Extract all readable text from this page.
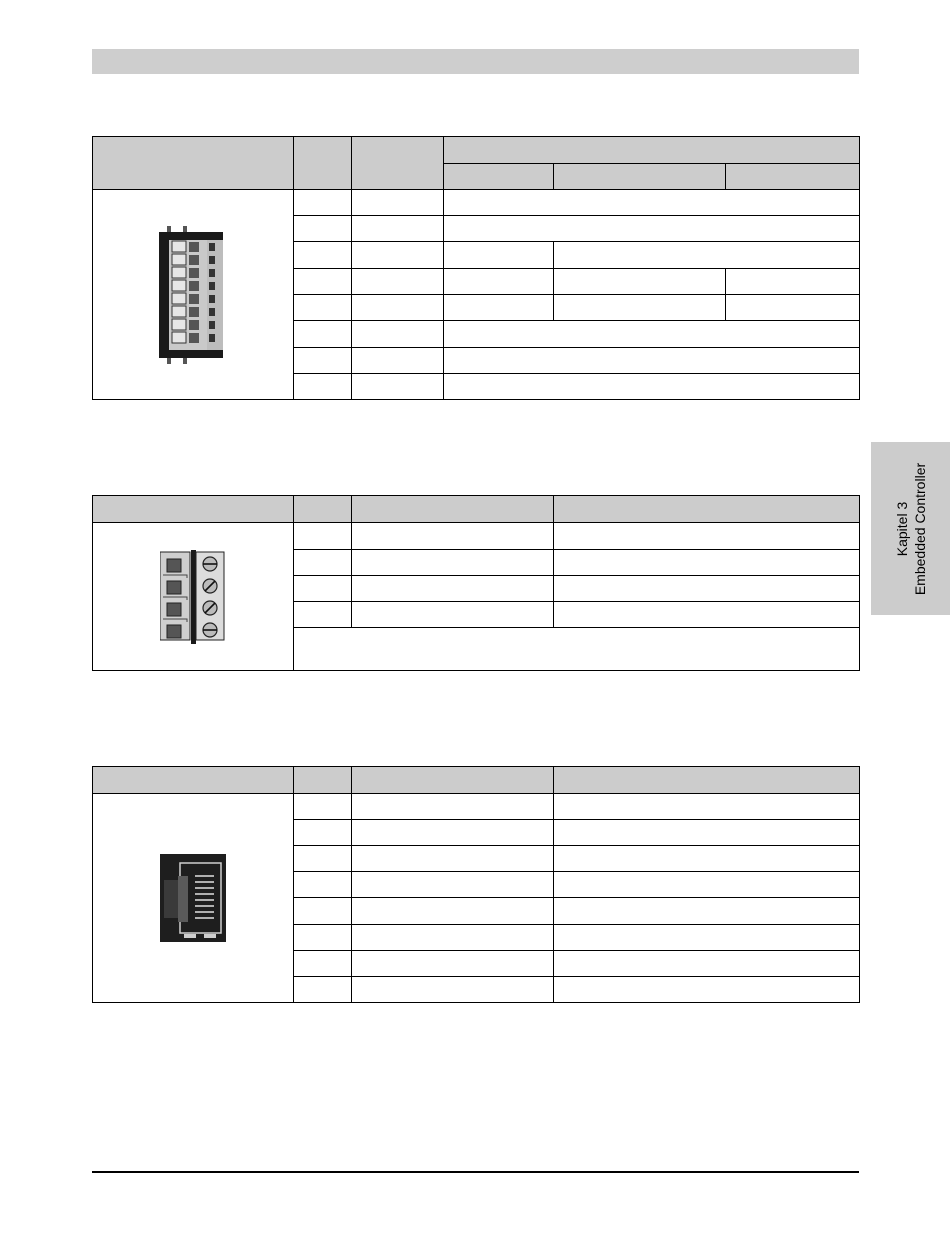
Kapitel 3 Embedded Controller
